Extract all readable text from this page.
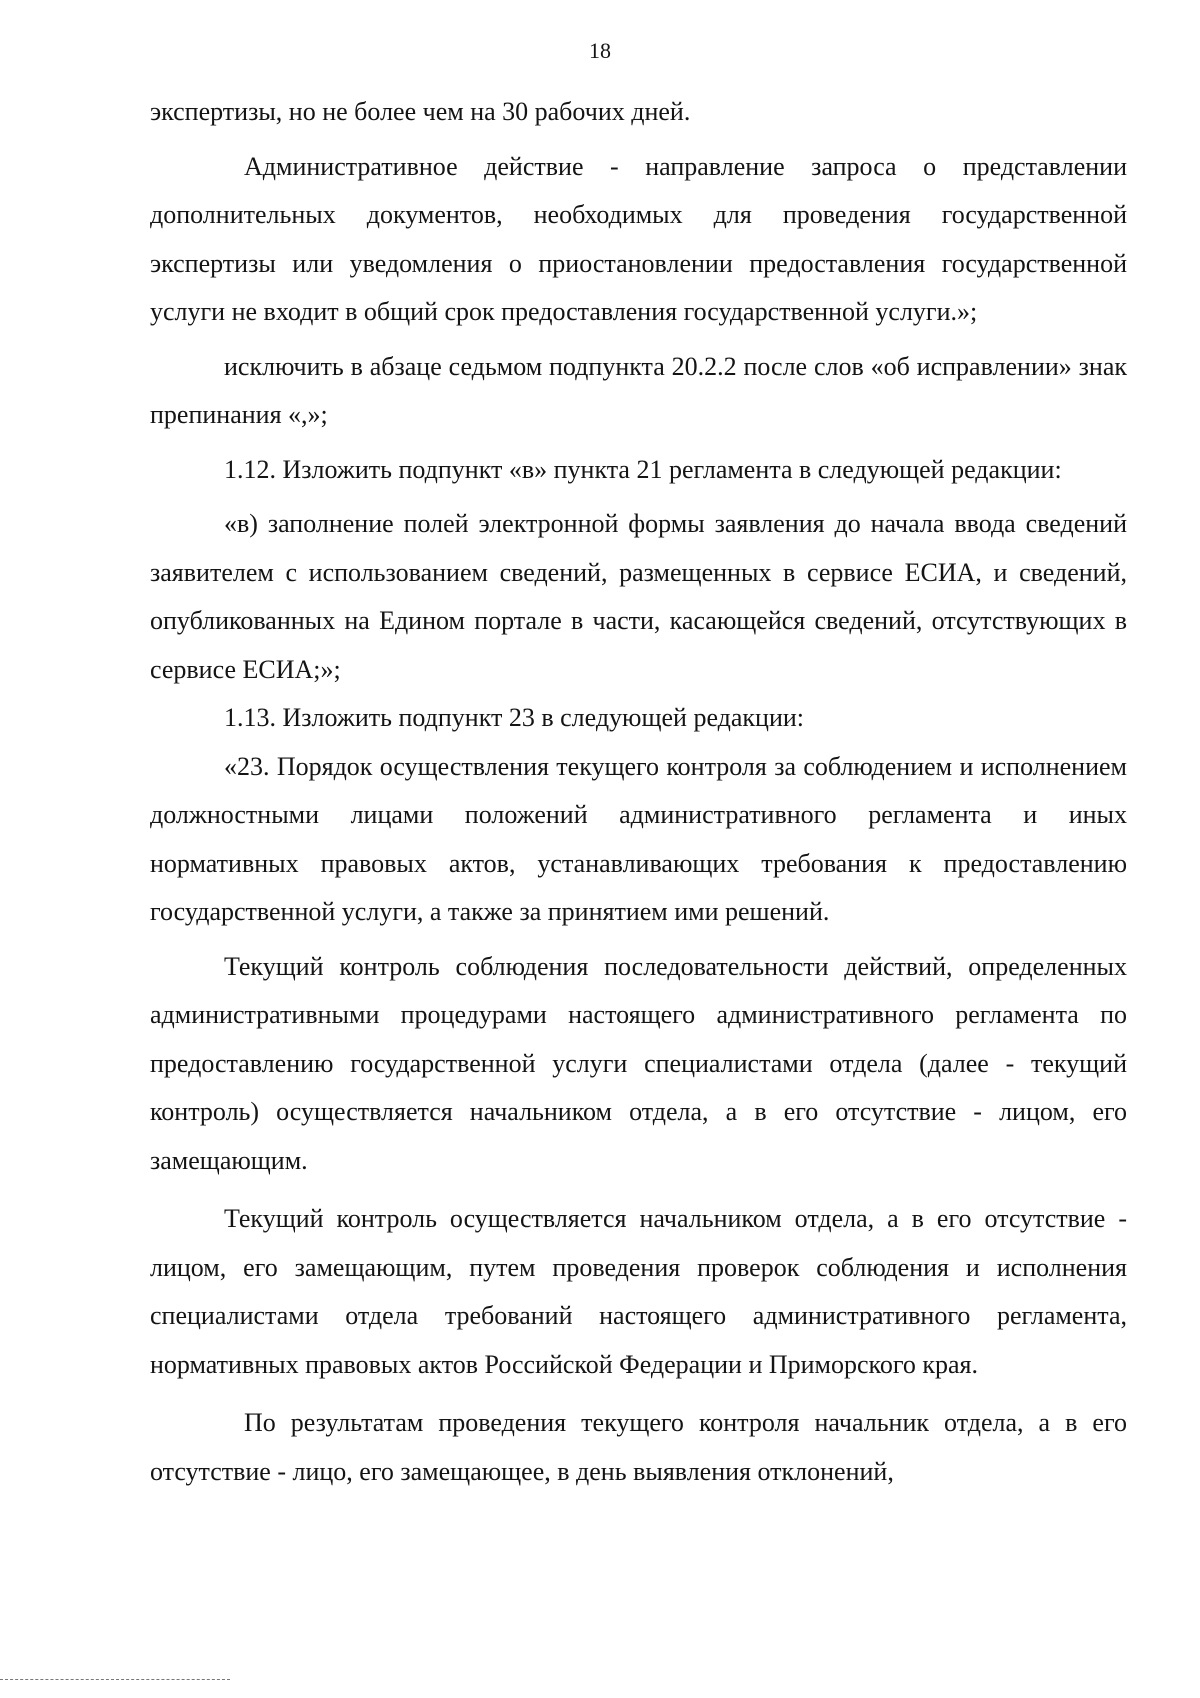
18

экспертизы, но не более чем на 30 рабочих дней.

Административное действие - направление запроса о представлении дополнительных документов, необходимых для проведения государственной экспертизы или уведомления о приостановлении предоставления государственной услуги не входит в общий срок предоставления государственной услуги.»;

исключить в абзаце седьмом подпункта 20.2.2 после слов «об исправлении» знак препинания «,»;

1.12. Изложить подпункт «в» пункта 21 регламента в следующей редакции:

«в) заполнение полей электронной формы заявления до начала ввода сведений заявителем с использованием сведений, размещенных в сервисе ЕСИА, и сведений, опубликованных на Едином портале в части, касающейся сведений, отсутствующих в сервисе ЕСИА;»;

1.13. Изложить подпункт 23 в следующей редакции:

«23. Порядок осуществления текущего контроля за соблюдением и исполнением должностными лицами положений административного регламента и иных нормативных правовых актов, устанавливающих требования к предоставлению государственной услуги, а также за принятием ими решений.

Текущий контроль соблюдения последовательности действий, определенных административными процедурами настоящего административного регламента по предоставлению государственной услуги специалистами отдела (далее - текущий контроль) осуществляется начальником отдела, а в его отсутствие - лицом, его замещающим.

Текущий контроль осуществляется начальником отдела, а в его отсутствие - лицом, его замещающим, путем проведения проверок соблюдения и исполнения специалистами отдела требований настоящего административного регламента, нормативных правовых актов Российской Федерации и Приморского края.

По результатам проведения текущего контроля начальник отдела, а в его отсутствие - лицо, его замещающее, в день выявления отклонений,
